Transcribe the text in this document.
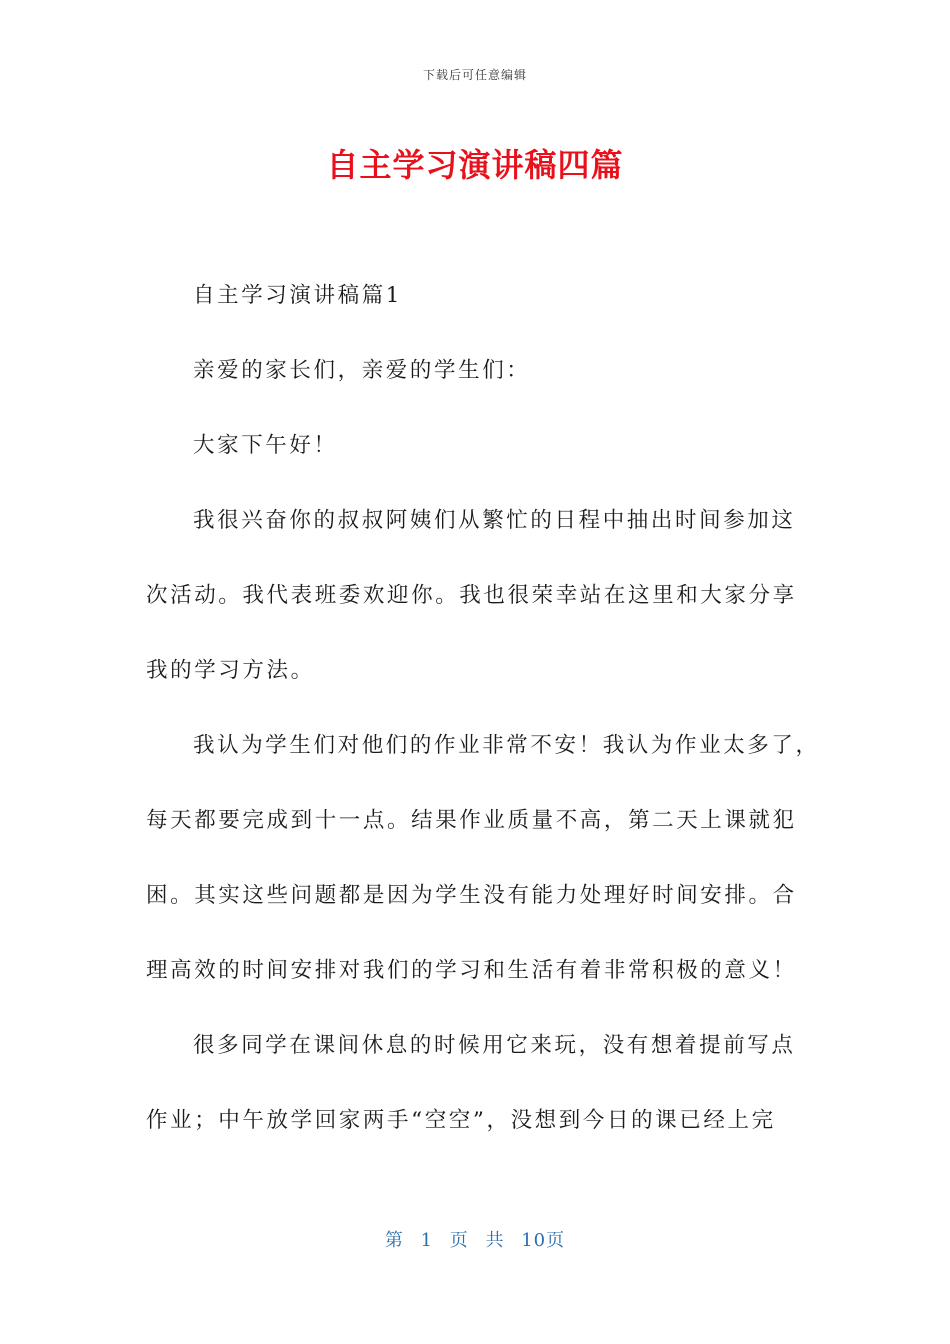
下载后可任意编辑
自主学习演讲稿四篇
自主学习演讲稿篇1
亲爱的家长们，亲爱的学生们：
大家下午好！
我很兴奋你的叔叔阿姨们从繁忙的日程中抽出时间参加这
次活动。我代表班委欢迎你。我也很荣幸站在这里和大家分享
我的学习方法。
我认为学生们对他们的作业非常不安！我认为作业太多了，
每天都要完成到十一点。结果作业质量不高，第二天上课就犯
困。其实这些问题都是因为学生没有能力处理好时间安排。合
理高效的时间安排对我们的学习和生活有着非常积极的意义！
很多同学在课间休息的时候用它来玩，没有想着提前写点
作业；中午放学回家两手“空空”，没想到今日的课已经上完
第 1 页 共 10页
